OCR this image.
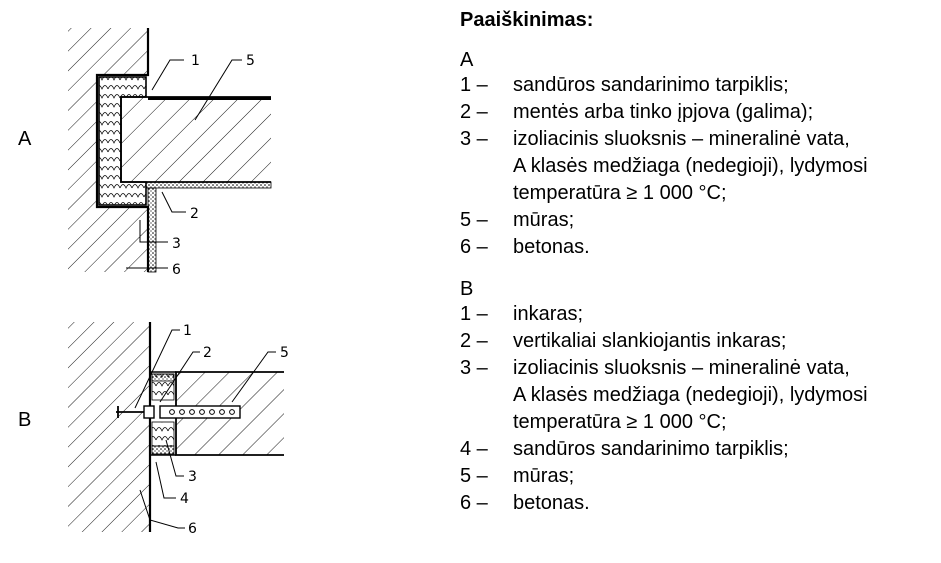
1	5
2
3
6
A
1
2	5
3
4
6
B
Paaiškinimas:
A
1 –	sandūros sandarinimo tarpiklis;
2 –	mentės arba tinko įpjova (galima);
3 –	izoliacinis sluoksnis – mineralinė vata,
A klasės medžiaga (nedegioji), lydymosi
temperatūra ≥ 1 000 °C;
5 –	mūras;
6 –	betonas.
B
1 –	inkaras;
2 –	vertikaliai slankiojantis inkaras;
3 –	izoliacinis sluoksnis – mineralinė vata,
A klasės medžiaga (nedegioji), lydymosi
temperatūra ≥ 1 000 °C;
4 –	sandūros sandarinimo tarpiklis;
5 –	mūras;
6 –	betonas.
